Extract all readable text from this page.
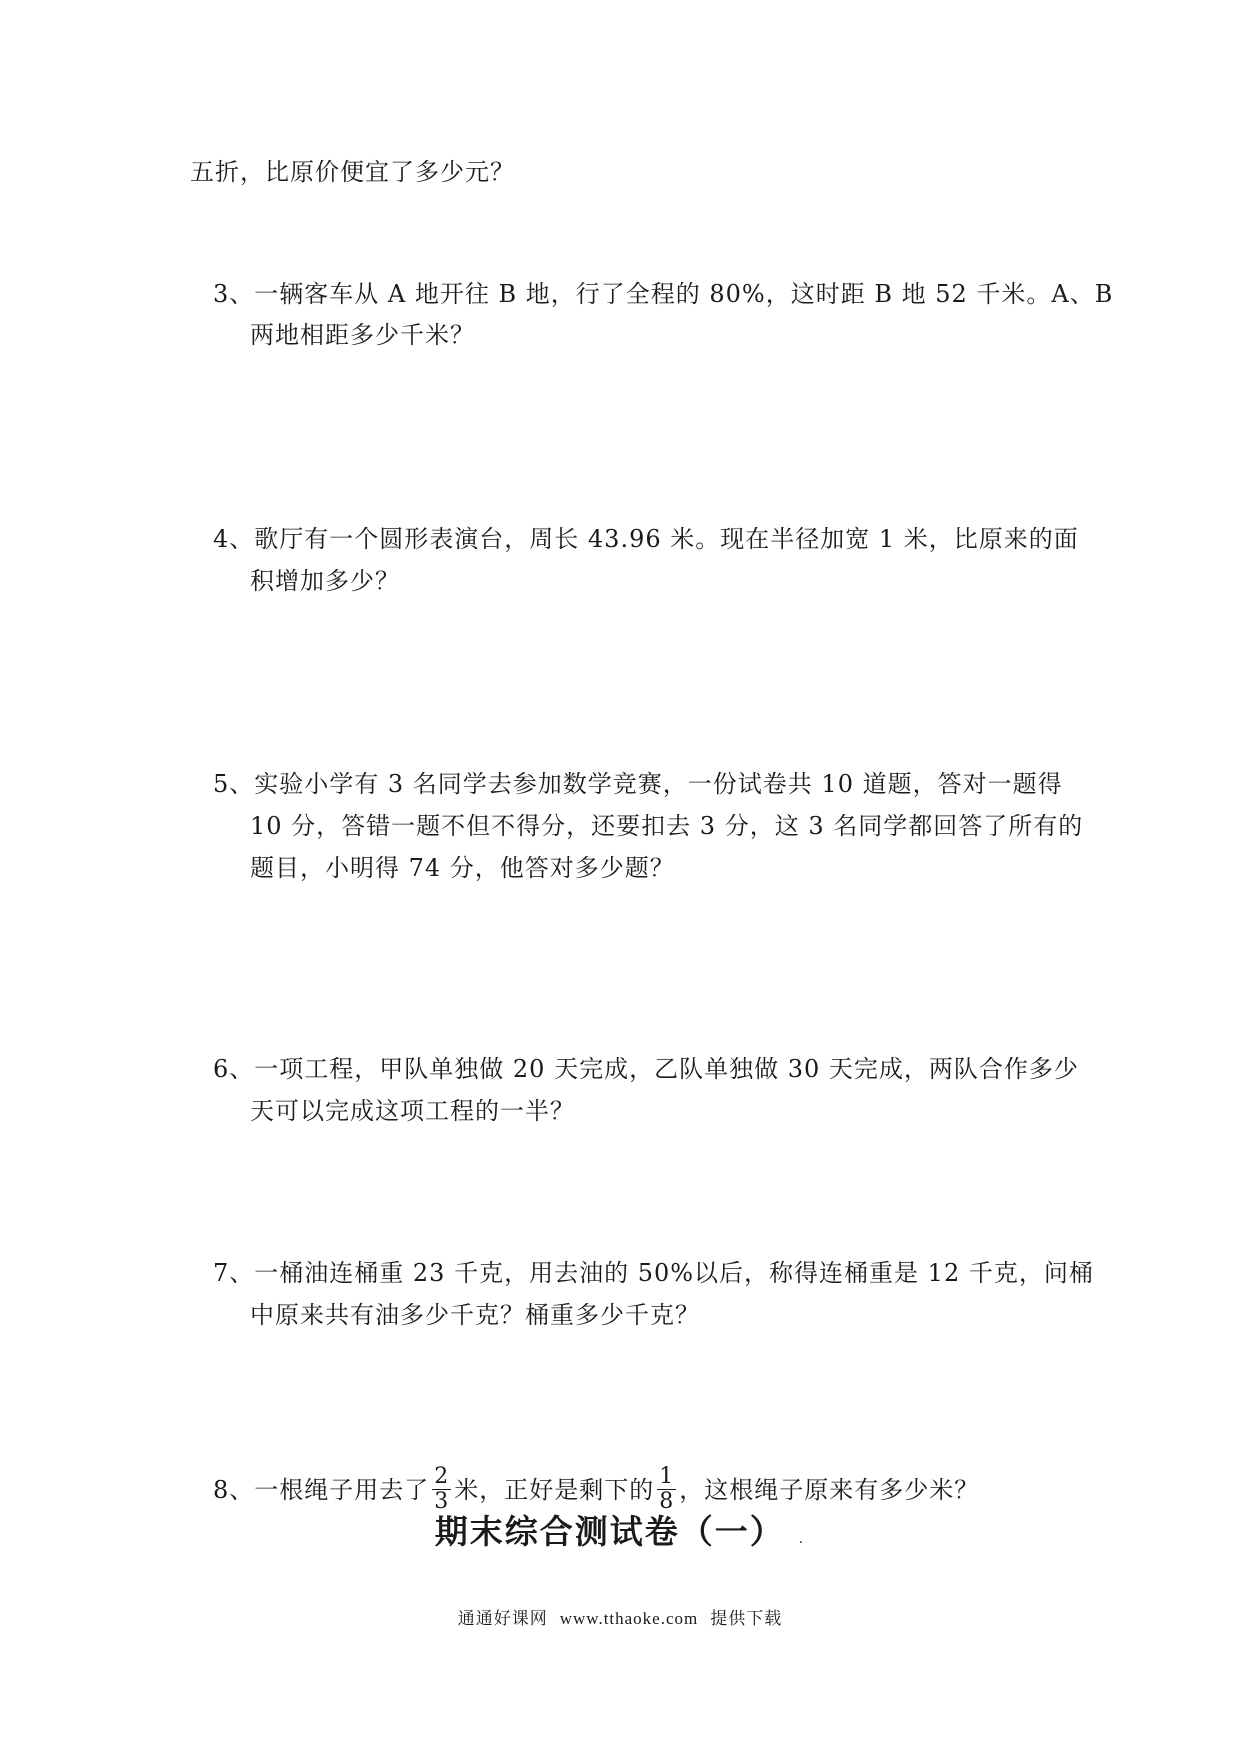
五折，比原价便宜了多少元？
3、一辆客车从 A 地开往 B 地，行了全程的 80%，这时距 B 地 52 千米。A、B
两地相距多少千米？
4、歌厅有一个圆形表演台，周长 43.96 米。现在半径加宽 1 米，比原来的面
积增加多少？
5、实验小学有 3 名同学去参加数学竞赛，一份试卷共 10 道题，答对一题得
10 分，答错一题不但不得分，还要扣去 3 分，这 3 名同学都回答了所有的
题目，小明得 74 分，他答对多少题？
6、一项工程，甲队单独做 20 天完成，乙队单独做 30 天完成，两队合作多少
天可以完成这项工程的一半？
7、一桶油连桶重 23 千克，用去油的 50%以后，称得连桶重是 12 千克，问桶
中原来共有油多少千克？桶重多少千克？
8、一根绳子用去了 $\frac{2}{3}$ 米，正好是剩下的 $\frac{1}{8}$ ，这根绳子原来有多少米？
期末综合测试卷（一） .
通通好课网 www.tthaoke.com 提供下载
